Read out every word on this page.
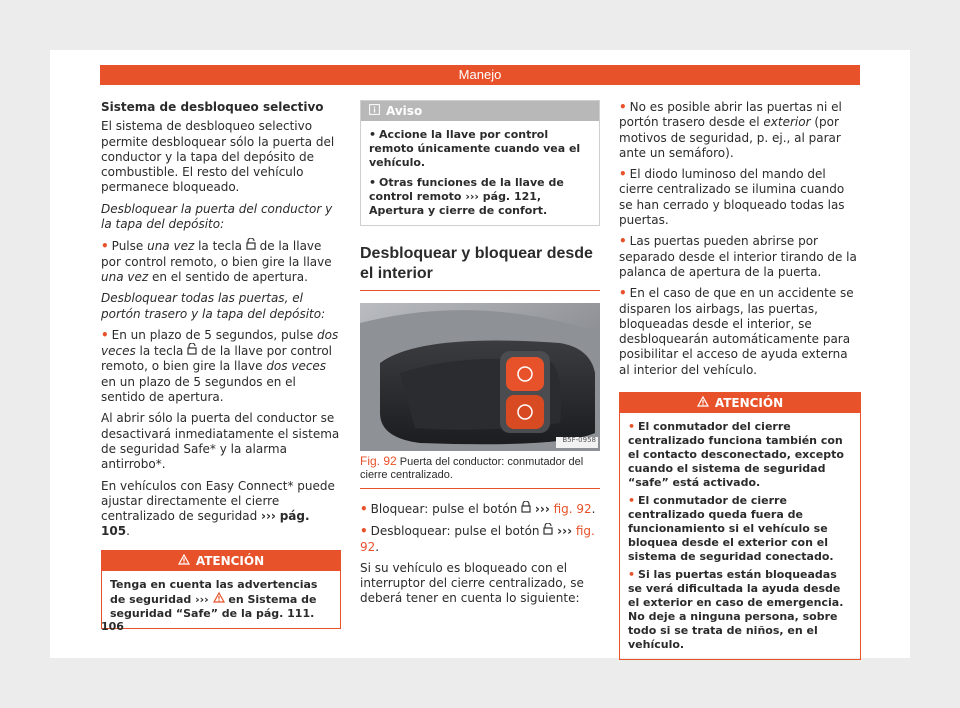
Manejo

Sistema de desbloqueo selectivo

El sistema de desbloqueo selectivo permite desbloquear sólo la puerta del conductor y la tapa del depósito de combustible. El resto del vehículo permanece bloqueado.

Desbloquear la puerta del conductor y la tapa del depósito:

• Pulse una vez la tecla  de la llave por control remoto, o bien gire la llave una vez en el sentido de apertura.

Desbloquear todas las puertas, el portón trasero y la tapa del depósito:

• En un plazo de 5 segundos, pulse dos veces la tecla  de la llave por control remoto, o bien gire la llave dos veces en un plazo de 5 segundos en el sentido de apertura.

Al abrir sólo la puerta del conductor se desactivará inmediatamente el sistema de seguridad Safe* y la alarma antirrobo*.

En vehículos con Easy Connect* puede ajustar directamente el cierre centralizado de seguridad ››› pág. 105.

ATENCIÓN
Tenga en cuenta las advertencias de seguridad ›››  en Sistema de seguridad “Safe” de la pág. 111.
Aviso

• Accione la llave por control remoto únicamente cuando vea el vehículo.

• Otras funciones de la llave de control remoto ››› pág. 121, Apertura y cierre de confort.

Desbloquear y bloquear desde el interior
B5F-0958
Fig. 92 Puerta del conductor: conmutador del cierre centralizado.

• Bloquear: pulse el botón  ››› fig. 92.

• Desbloquear: pulse el botón  ››› fig. 92.

Si su vehículo es bloqueado con el interruptor del cierre centralizado, se deberá tener en cuenta lo siguiente:

• No es posible abrir las puertas ni el portón trasero desde el exterior (por motivos de seguridad, p. ej., al parar ante un semáforo).

• El diodo luminoso del mando del cierre centralizado se ilumina cuando se han cerrado y bloqueado todas las puertas.

• Las puertas pueden abrirse por separado desde el interior tirando de la palanca de apertura de la puerta.

• En el caso de que en un accidente se disparen los airbags, las puertas, bloqueadas desde el interior, se desbloquearán automáticamente para posibilitar el acceso de ayuda externa al interior del vehículo.

ATENCIÓN

• El conmutador del cierre centralizado funciona también con el contacto desconectado, excepto cuando el sistema de seguridad “safe” está activado.

• El conmutador de cierre centralizado queda fuera de funcionamiento si el vehículo se bloquea desde el exterior con el sistema de seguridad conectado.

• Si las puertas están bloqueadas se verá dificultada la ayuda desde el exterior en caso de emergencia. No deje a ninguna persona, sobre todo si se trata de niños, en el vehículo.

106
